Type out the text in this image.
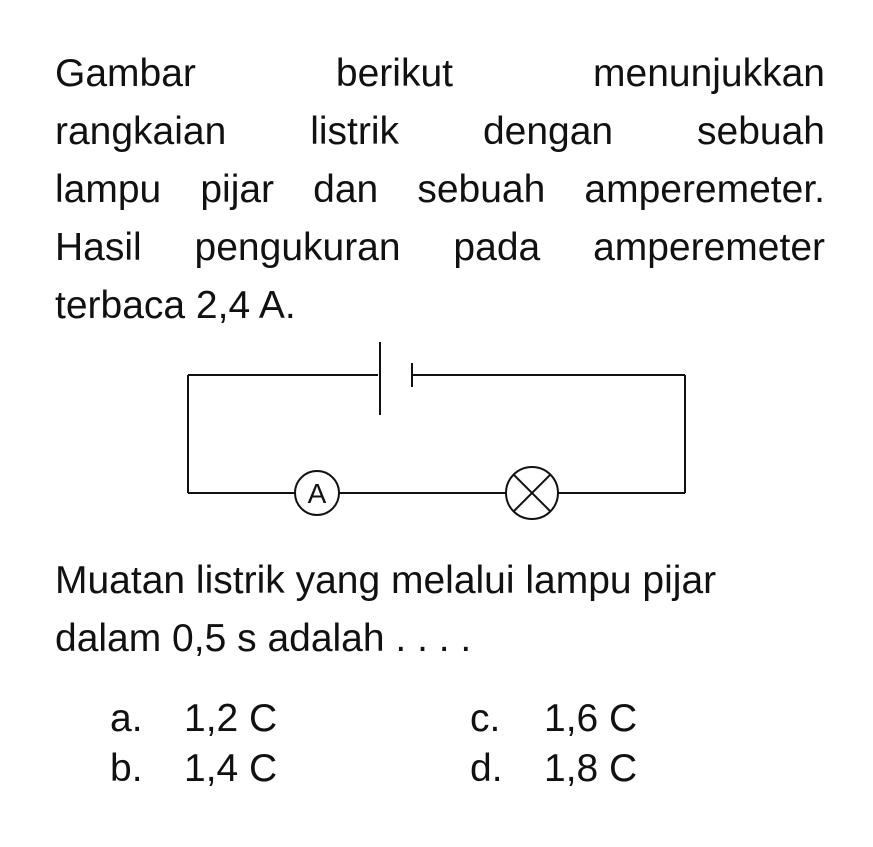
Gambar berikut menunjukkan
rangkaian listrik dengan sebuah
lampu pijar dan sebuah amperemeter.
Hasil pengukuran pada amperemeter
terbaca 2,4 A.
A
Muatan listrik yang melalui lampu pijar
dalam 0,5 s adalah . . . .
a. 1,2 C
b. 1,4 C
c. 1,6 C
d. 1,8 C
